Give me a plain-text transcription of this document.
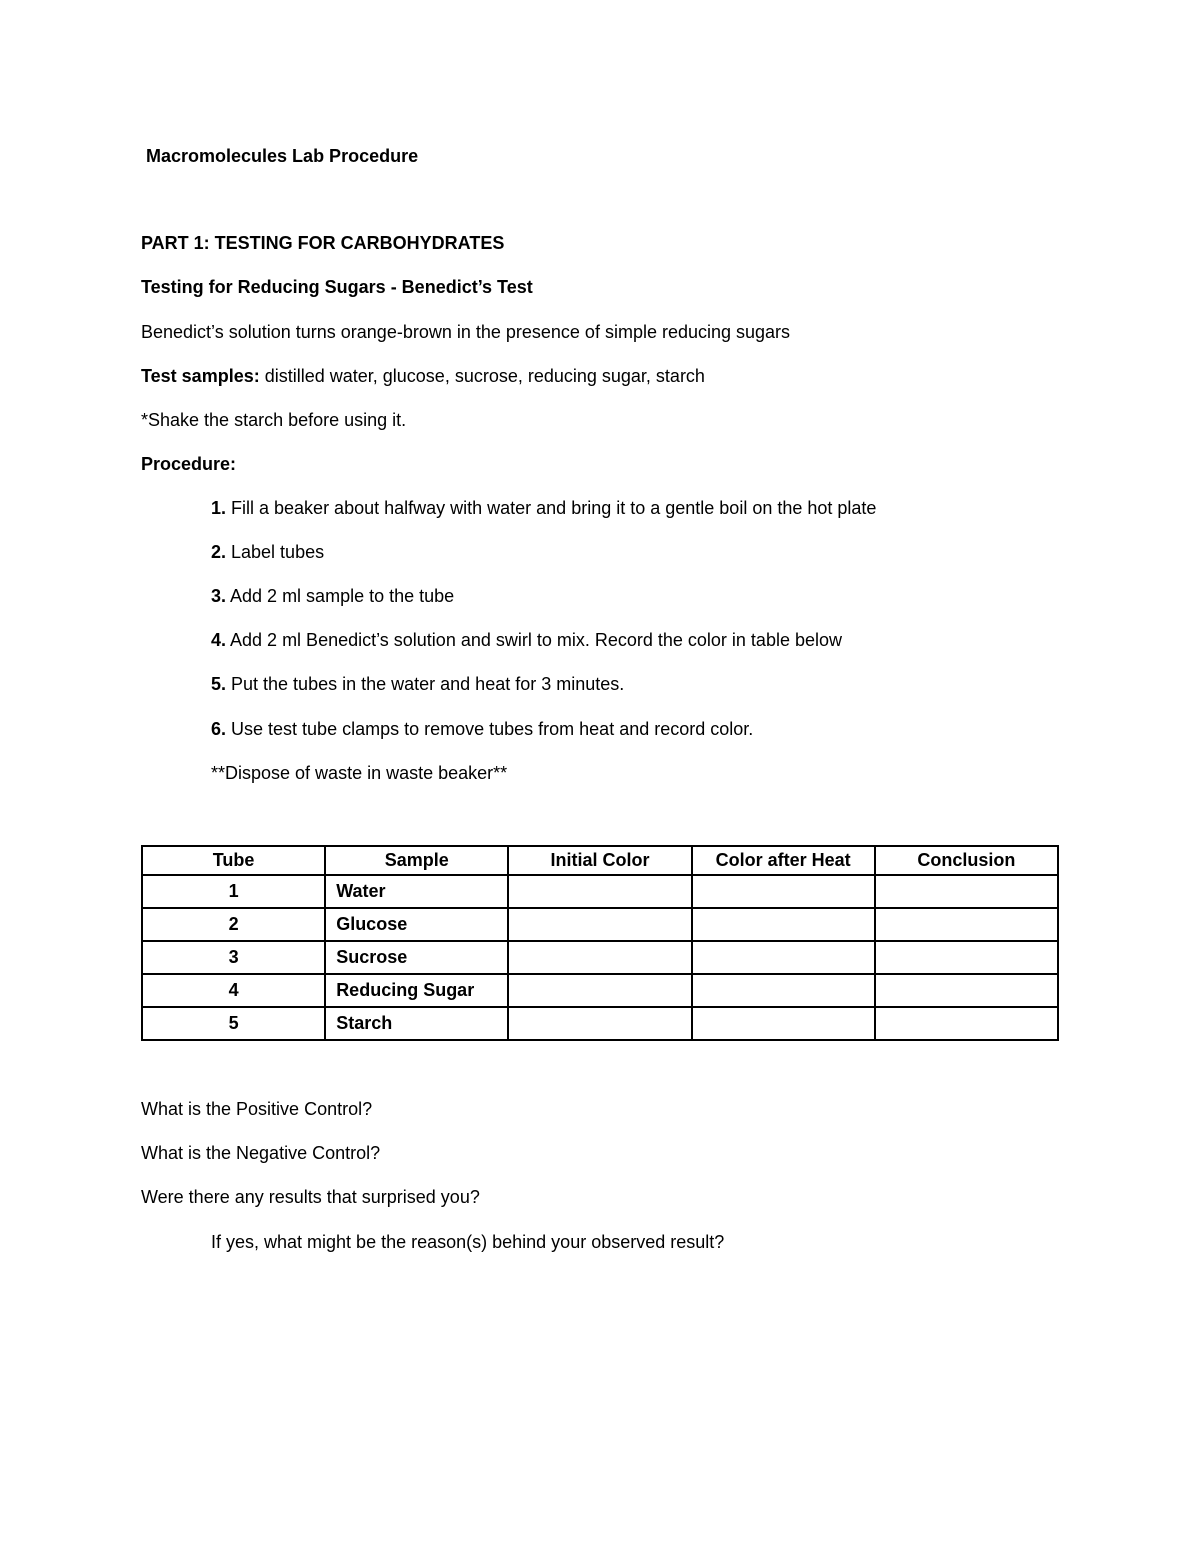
Macromolecules Lab Procedure
PART 1: TESTING FOR CARBOHYDRATES
Testing for Reducing Sugars - Benedict’s Test
Benedict’s solution turns orange-brown in the presence of simple reducing sugars
Test samples: distilled water, glucose, sucrose, reducing sugar, starch
*Shake the starch before using it.
Procedure:
1. Fill a beaker about halfway with water and bring it to a gentle boil on the hot plate
2. Label tubes
3. Add 2 ml sample to the tube
4. Add 2 ml Benedict’s solution and swirl to mix. Record the color in table below
5. Put the tubes in the water and heat for 3 minutes.
6. Use test tube clamps to remove tubes from heat and record color.
**Dispose of waste in waste beaker**
Tube	Sample	Initial Color	Color after Heat	Conclusion
1	Water			
2	Glucose			
3	Sucrose			
4	Reducing Sugar			
5	Starch			
What is the Positive Control?
What is the Negative Control?
Were there any results that surprised you?
If yes, what might be the reason(s) behind your observed result?
